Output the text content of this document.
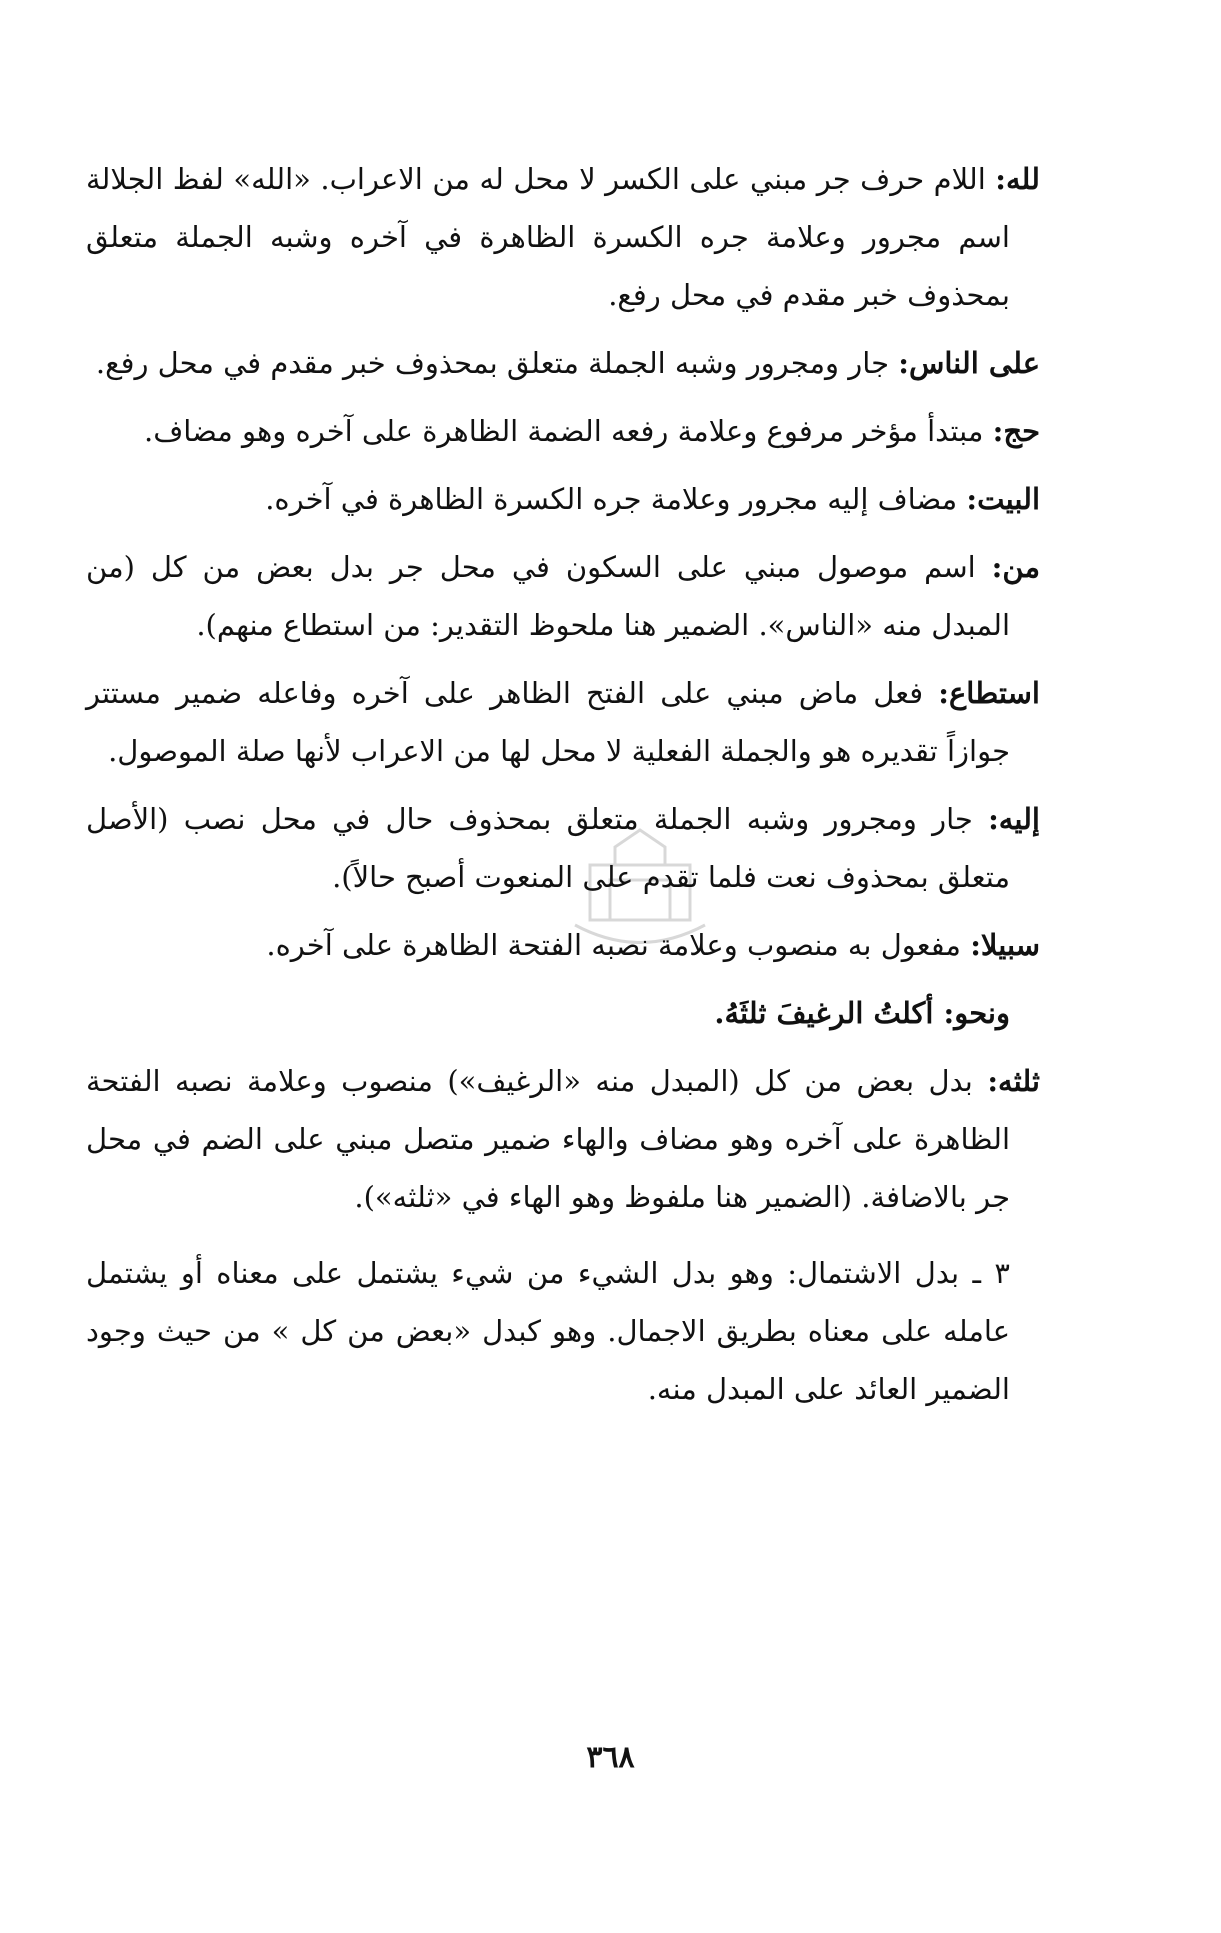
لله: اللام حرف جر مبني على الكسر لا محل له من الاعراب. «الله» لفظ الجلالة اسم مجرور وعلامة جره الكسرة الظاهرة في آخره وشبه الجملة متعلق بمحذوف خبر مقدم في محل رفع.

على الناس: جار ومجرور وشبه الجملة متعلق بمحذوف خبر مقدم في محل رفع.

حج: مبتدأ مؤخر مرفوع وعلامة رفعه الضمة الظاهرة على آخره وهو مضاف.

البيت: مضاف إليه مجرور وعلامة جره الكسرة الظاهرة في آخره.

من: اسم موصول مبني على السكون في محل جر بدل بعض من كل (من المبدل منه «الناس». الضمير هنا ملحوظ التقدير: من استطاع منهم).

استطاع: فعل ماض مبني على الفتح الظاهر على آخره وفاعله ضمير مستتر جوازاً تقديره هو والجملة الفعلية لا محل لها من الاعراب لأنها صلة الموصول.

إليه: جار ومجرور وشبه الجملة متعلق بمحذوف حال في محل نصب (الأصل متعلق بمحذوف نعت فلما تقدم على المنعوت أصبح حالاً).

سبيلا: مفعول به منصوب وعلامة نصبه الفتحة الظاهرة على آخره.

ونحو: أكلتُ الرغيفَ ثلثَهُ.

ثلثه: بدل بعض من كل (المبدل منه «الرغيف») منصوب وعلامة نصبه الفتحة الظاهرة على آخره وهو مضاف والهاء ضمير متصل مبني على الضم في محل جر بالاضافة. (الضمير هنا ملفوظ وهو الهاء في «ثلثه»).

٣ ـ بدل الاشتمال: وهو بدل الشيء من شيء يشتمل على معناه أو يشتمل عامله على معناه بطريق الاجمال. وهو كبدل «بعض من كل » من حيث وجود الضمير العائد على المبدل منه.

٣٦٨
